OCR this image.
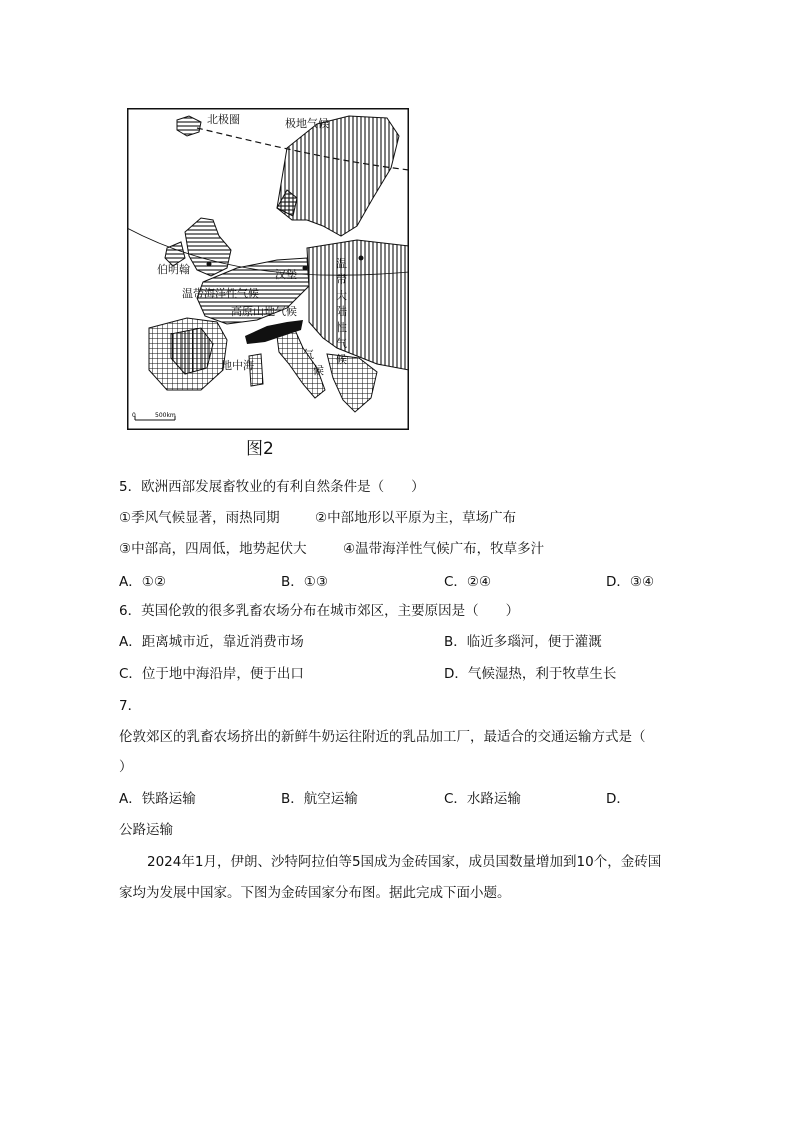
北极圈	极地气候
伯明翰	汉堡
温带海洋性气候
高原山地气候
地中海
气
候
温
带
大
陆
性
气
候
0	500km
图2
5．欧洲西部发展畜牧业的有利自然条件是（　　）
①季风气候显著，雨热同期	②中部地形以平原为主，草场广布
③中部高，四周低，地势起伏大	④温带海洋性气候广布，牧草多汁
A．①②	B．①③	C．②④	D．③④
6．英国伦敦的很多乳畜农场分布在城市郊区，主要原因是（　　）
A．距离城市近，靠近消费市场	B．临近多瑙河，便于灌溉
C．位于地中海沿岸，便于出口	D．气候湿热，利于牧草生长
7．
伦敦郊区的乳畜农场挤出的新鲜牛奶运往附近的乳品加工厂，最适合的交通运输方式是（
）
A．铁路运输	B．航空运输	C．水路运输	D．
公路运输
2024年1月，伊朗、沙特阿拉伯等5国成为金砖国家，成员国数量增加到10个，金砖国
家均为发展中国家。下图为金砖国家分布图。据此完成下面小题。
